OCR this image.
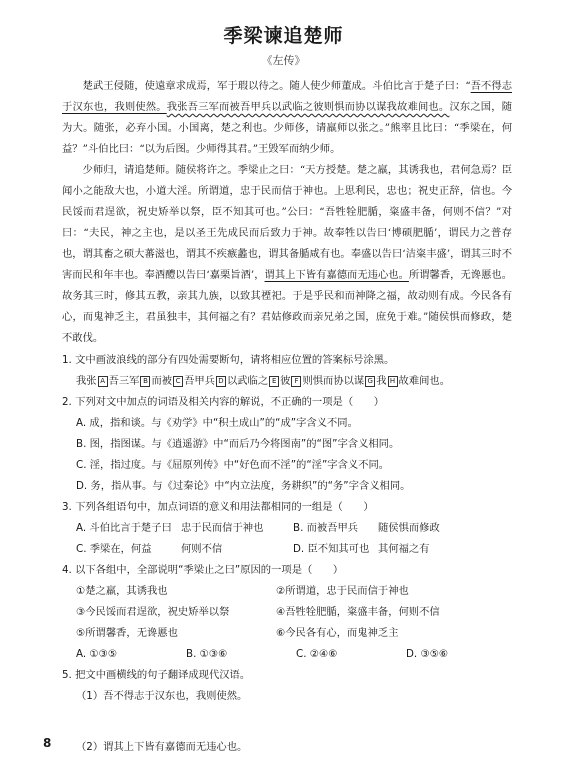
季梁谏追楚师
《左传》

楚武王侵随，使遠章求成焉，军于瑕以待之。随人使少师董成。斗伯比言于楚子曰：“吾不得志于汉东也，我则使然。我张吾三军而被吾甲兵以武临之彼则惧而协以谋我故难间也。汉东之国，随为大。随张，必弃小国。小国离，楚之利也。少师侈，请羸师以张之。”熊率且比曰：“季梁在，何益？”斗伯比曰：“以为后图。少师得其君。”王毁军而纳少师。

少师归，请追楚师。随侯将许之。季梁止之曰：“天方授楚。楚之羸，其诱我也，君何急焉？臣闻小之能敌大也，小道大淫。所谓道，忠于民而信于神也。上思利民，忠也；祝史正辞，信也。今民馁而君逞欲，祝史矫举以祭，臣不知其可也。”公曰：“吾牲牷肥腯，粢盛丰备，何则不信？”对曰：“夫民，神之主也，是以圣王先成民而后致力于神。故奉牲以告曰‘博硕肥腯’，谓民力之普存也，谓其畜之硕大蕃滋也，谓其不疾瘯蠡也，谓其备腯咸有也。奉盛以告曰‘洁粢丰盛’，谓其三时不害而民和年丰也。奉酒醴以告曰‘嘉栗旨酒’，谓其上下皆有嘉德而无违心也。所谓馨香，无谗慝也。故务其三时，修其五教，亲其九族，以致其禋祀。于是乎民和而神降之福，故动则有成。今民各有心，而鬼神乏主，君虽独丰，其何福之有？君姑修政而亲兄弟之国，庶免于难。”随侯惧而修政，楚不敢伐。

1. 文中画波浪线的部分有四处需要断句，请将相应位置的答案标号涂黑。
我张 A 吾三军 B 而被 C 吾甲兵 D 以武临之 E 彼 F 则惧而协以谋 G 我 H 故难间也。
2. 下列对文中加点的词语及相关内容的解说，不正确的一项是（　　）
A. 成，指和谈。与《劝学》中“积土成山”的“成”字含义不同。
B. 图，指图谋。与《逍遥游》中“而后乃今将图南”的“图”字含义相同。
C. 淫，指过度。与《屈原列传》中“好色而不淫”的“淫”字含义不同。
D. 务，指从事。与《过秦论》中“内立法度，务耕织”的“务”字含义相同。
3. 下列各组语句中，加点词语的意义和用法都相同的一组是（　　）
A. 斗伯比言于楚子曰 忠于民而信于神也	B. 而被吾甲兵	随侯惧而修政
C. 季梁在，何益	何则不信	D. 臣不知其可也 其何福之有
4. 以下各组中，全部说明“季梁止之曰”原因的一项是（　　）
①楚之羸，其诱我也	②所谓道，忠于民而信于神也
③今民馁而君逞欲，祝史矫举以祭	④吾牲牷肥腯，粢盛丰备，何则不信
⑤所谓馨香，无谗慝也	⑥今民各有心，而鬼神乏主
A. ①③⑤	B. ①③⑥	C. ②④⑥	D. ③⑤⑥
5. 把文中画横线的句子翻译成现代汉语。
（1）吾不得志于汉东也，我则使然。
（2）谓其上下皆有嘉德而无违心也。
8
